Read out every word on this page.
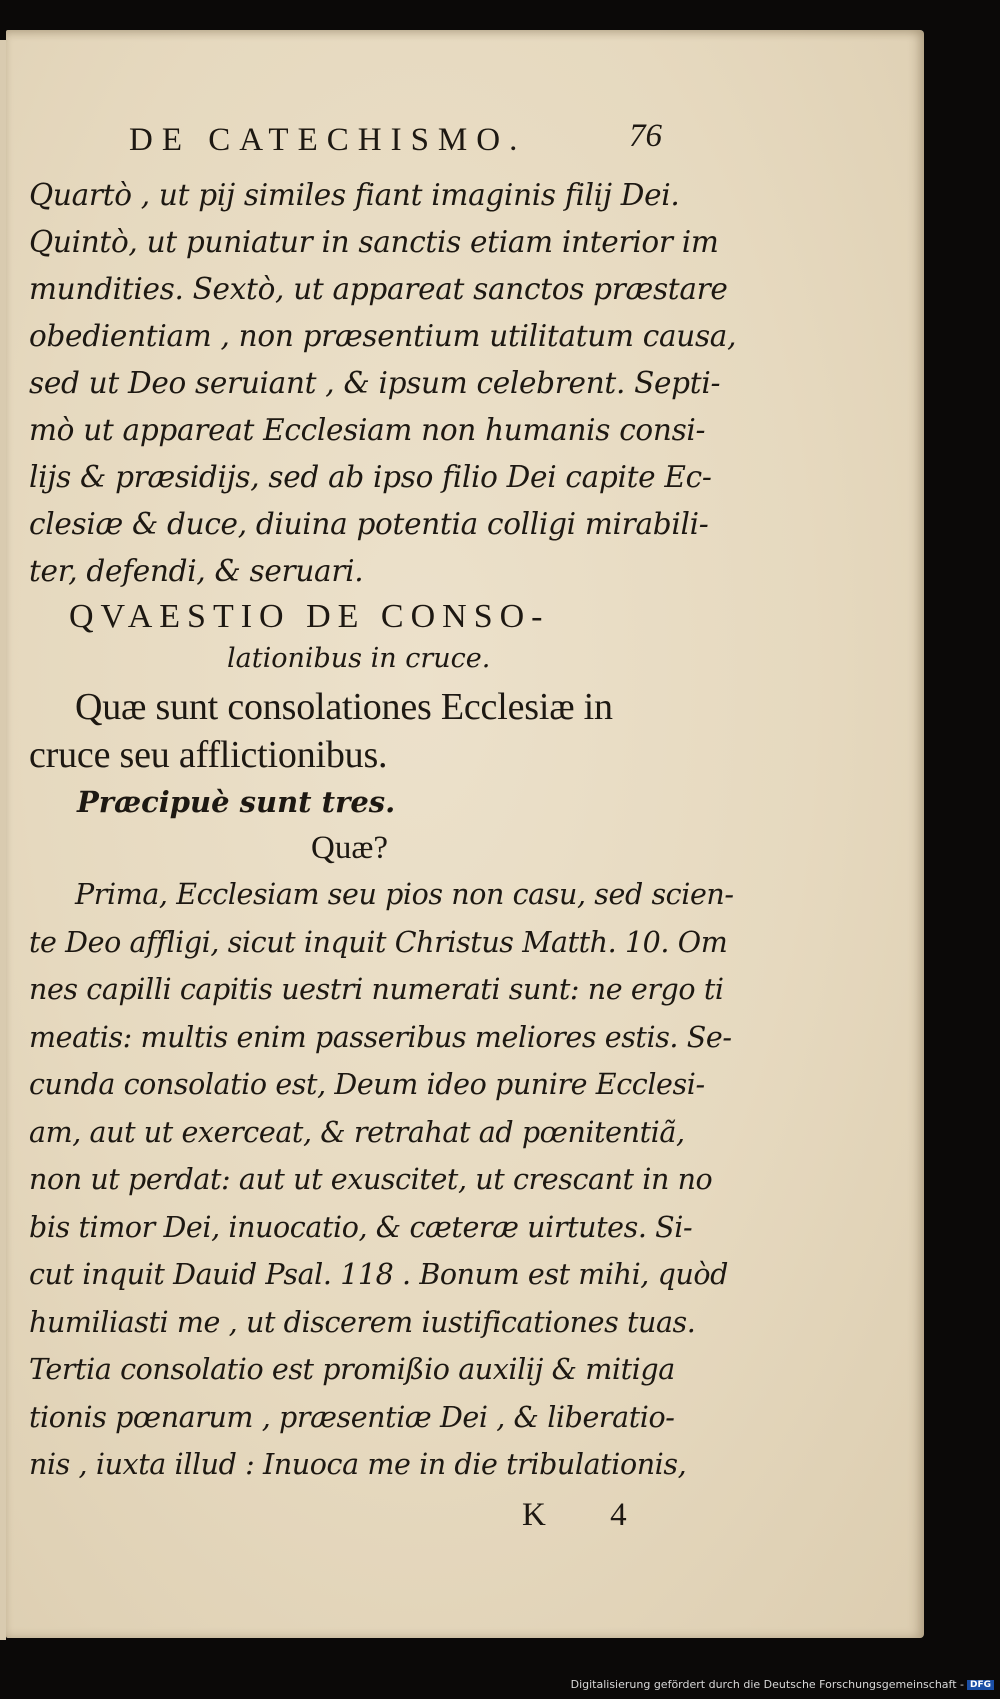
DE CATECHISMO.	76
Quartò , ut pij similes fiant imaginis filij Dei.
Quintò, ut puniatur in sanctis etiam interior im
mundities. Sextò, ut appareat sanctos præstare
obedientiam , non præsentium utilitatum causa,
sed ut Deo seruiant , & ipsum celebrent. Septi-
mò ut appareat Ecclesiam non humanis consi-
lijs & præsidijs, sed ab ipso filio Dei capite Ec-
clesiæ & duce, diuina potentia colligi mirabili-
ter, defendi, & seruari.
QVAESTIO DE CONSO-
lationibus in cruce.
Quæ sunt consolationes Ecclesiæ in
cruce seu afflictionibus.
Præcipuè sunt tres.
Quæ?
Prima, Ecclesiam seu pios non casu, sed scien-
te Deo affligi, sicut inquit Christus Matth. 10. Om
nes capilli capitis uestri numerati sunt: ne ergo ti
meatis: multis enim passeribus meliores estis. Se-
cunda consolatio est, Deum ideo punire Ecclesi-
am, aut ut exerceat, & retrahat ad pœnitentiã,
non ut perdat: aut ut exuscitet, ut crescant in no
bis timor Dei, inuocatio, & cæteræ uirtutes. Si-
cut inquit Dauid Psal. 118 . Bonum est mihi, quòd
humiliasti me , ut discerem iustificationes tuas.
Tertia consolatio est promißio auxilij & mitiga
tionis pœnarum , præsentiæ Dei , & liberatio-
nis , iuxta illud : Inuoca me in die tribulationis,
K 4
Digitalisierung gefördert durch die Deutsche Forschungsgemeinschaft - DFG
